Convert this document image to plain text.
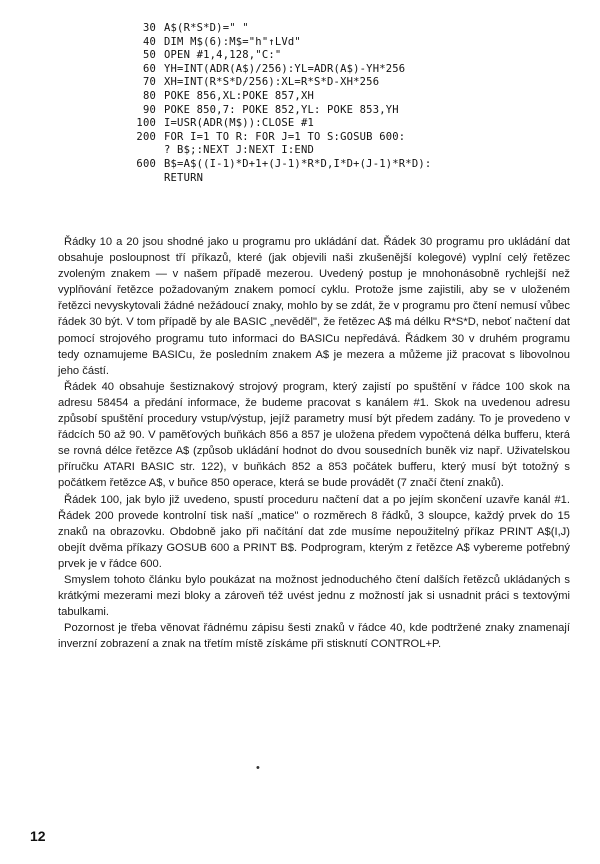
30 A$(R*S*D)=" "
40 DIM M$(6):M$="h"↑LVd"
50 OPEN #1,4,128,"C:"
60 YH=INT(ADR(A$)/256):YL=ADR(A$)-YH*256
70 XH=INT(R*S*D/256):XL=R*S*D-XH*256
80 POKE 856,XL:POKE 857,XH
90 POKE 850,7: POKE 852,YL: POKE 853,YH
100 I=USR(ADR(M$)):CLOSE #1
200 FOR I=1 TO R: FOR J=1 TO S:GOSUB 600:
? B$;:NEXT J:NEXT I:END
600 B$=A$((I-1)*D+1+(J-1)*R*D,I*D+(J-1)*R*D):
RETURN

Řádky 10 a 20 jsou shodné jako u programu pro ukládání dat. Řádek 30 programu pro ukládání dat obsahuje posloupnost tří příkazů, které (jak objevili naši zkušenější kolegové) vyplní celý řetězec zvoleným znakem — v našem případě mezerou. Uvedený postup je mnohonásobně rychlejší než vyplňování řetězce požadovaným znakem pomocí cyklu. Protože jsme zajistili, aby se v uloženém řetězci nevyskytovali žádné nežádoucí znaky, mohlo by se zdát, že v programu pro čtení nemusí vůbec řádek 30 být. V tom případě by ale BASIC „nevěděl", že řetězec A$ má délku R*S*D, neboť načtení dat pomocí strojového programu tuto informaci do BASICu nepředává. Řádkem 30 v druhém programu tedy oznamujeme BASICu, že posledním znakem A$ je mezera a můžeme již pracovat s libovolnou jeho částí.

Řádek 40 obsahuje šestiznakový strojový program, který zajistí po spuštění v řádce 100 skok na adresu 58454 a předání informace, že budeme pracovat s kanálem #1. Skok na uvedenou adresu způsobí spuštění procedury vstup/výstup, jejíž parametry musí být předem zadány. To je provedeno v řádcích 50 až 90. V paměťových buňkách 856 a 857 je uložena předem vypočtená délka bufferu, která se rovná délce řetězce A$ (způsob ukládání hodnot do dvou sousedních buněk viz např. Uživatelskou příručku ATARI BASIC str. 122), v buňkách 852 a 853 počátek bufferu, který musí být totožný s počátkem řetězce A$, v buňce 850 operace, která se bude provádět (7 značí čtení znaků).

Řádek 100, jak bylo již uvedeno, spustí proceduru načtení dat a po jejím skončení uzavře kanál #1. Řádek 200 provede kontrolní tisk naší „matice" o rozměrech 8 řádků, 3 sloupce, každý prvek do 15 znaků na obrazovku. Obdobně jako při načítání dat zde musíme nepoužitelný příkaz PRINT A$(I,J) obejít dvěma příkazy GOSUB 600 a PRINT B$. Podprogram, kterým z řetězce A$ vybereme potřebný prvek je v řádce 600.

Smyslem tohoto článku bylo poukázat na možnost jednoduchého čtení dalších řetězců ukládaných s krátkými mezerami mezi bloky a zároveň též uvést jednu z možností jak si usnadnit práci s textovými tabulkami.

Pozornost je třeba věnovat řádnému zápisu šesti znaků v řádce 40, kde podtržené znaky znamenají inverzní zobrazení a znak na třetím místě získáme při stisknutí CONTROL+P.

•
12
